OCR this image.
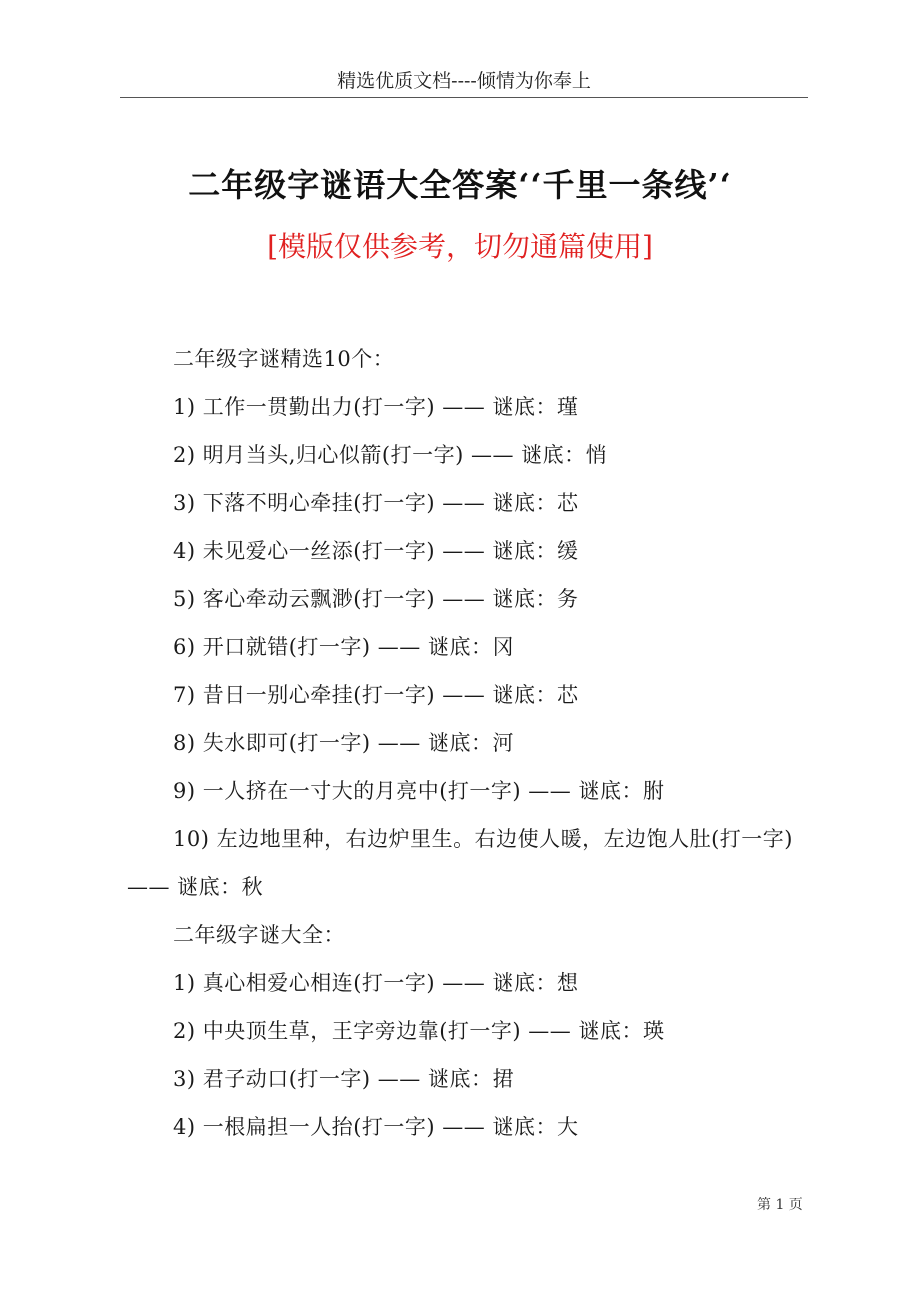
精选优质文档----倾情为你奉上
二年级字谜语大全答案‘‘千里一条线’‘
[模版仅供参考，切勿通篇使用]
二年级字谜精选10个：
1) 工作一贯勤出力(打一字) —— 谜底：瑾
2) 明月当头,归心似箭(打一字) —— 谜底：悄
3) 下落不明心牵挂(打一字) —— 谜底：芯
4) 未见爱心一丝添(打一字) —— 谜底：缓
5) 客心牵动云飘渺(打一字) —— 谜底：务
6) 开口就错(打一字) —— 谜底：冈
7) 昔日一别心牵挂(打一字) —— 谜底：芯
8) 失水即可(打一字) —— 谜底：河
9) 一人挤在一寸大的月亮中(打一字) —— 谜底：胕
10) 左边地里种，右边炉里生。右边使人暖，左边饱人肚(打一字) —— 谜底：秋
二年级字谜大全：
1) 真心相爱心相连(打一字) —— 谜底：想
2) 中央顶生草，王字旁边靠(打一字) —— 谜底：瑛
3) 君子动口(打一字) —— 谜底：捃
4) 一根扁担一人抬(打一字) —— 谜底：大
第 1 页
